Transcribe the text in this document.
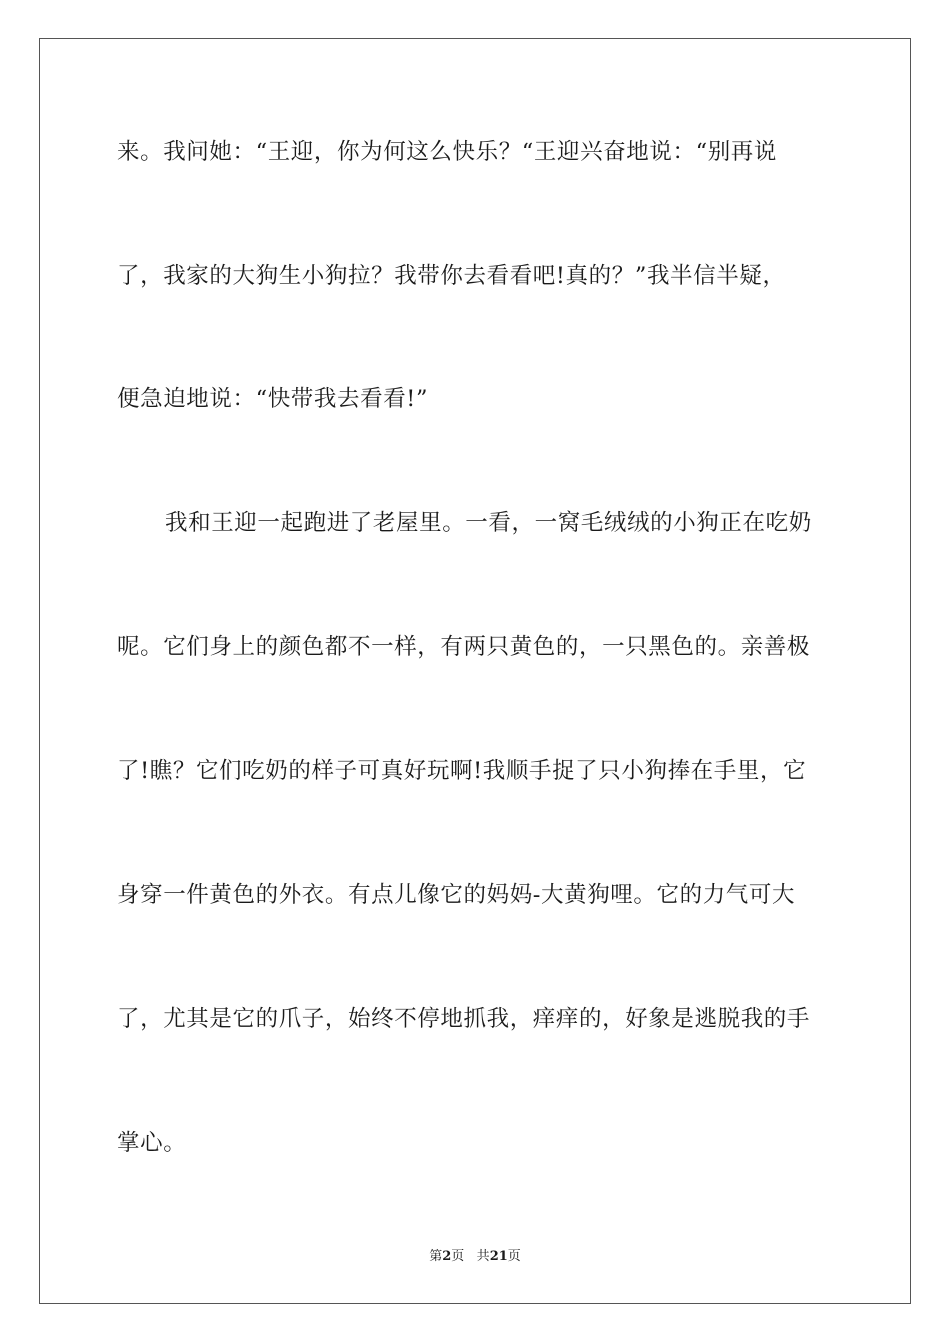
来。我问她：“王迎，你为何这么快乐？“王迎兴奋地说：“别再说
了，我家的大狗生小狗拉？我带你去看看吧!真的？”我半信半疑，
便急迫地说：“快带我去看看!”
我和王迎一起跑进了老屋里。一看，一窝毛绒绒的小狗正在吃奶
呢。它们身上的颜色都不一样，有两只黄色的，一只黑色的。亲善极
了!瞧？它们吃奶的样子可真好玩啊!我顺手捉了只小狗捧在手里，它
身穿一件黄色的外衣。有点儿像它的妈妈-大黄狗哩。它的力气可大
了，尤其是它的爪子，始终不停地抓我，痒痒的，好象是逃脱我的手
掌心。
第2页 共21页
